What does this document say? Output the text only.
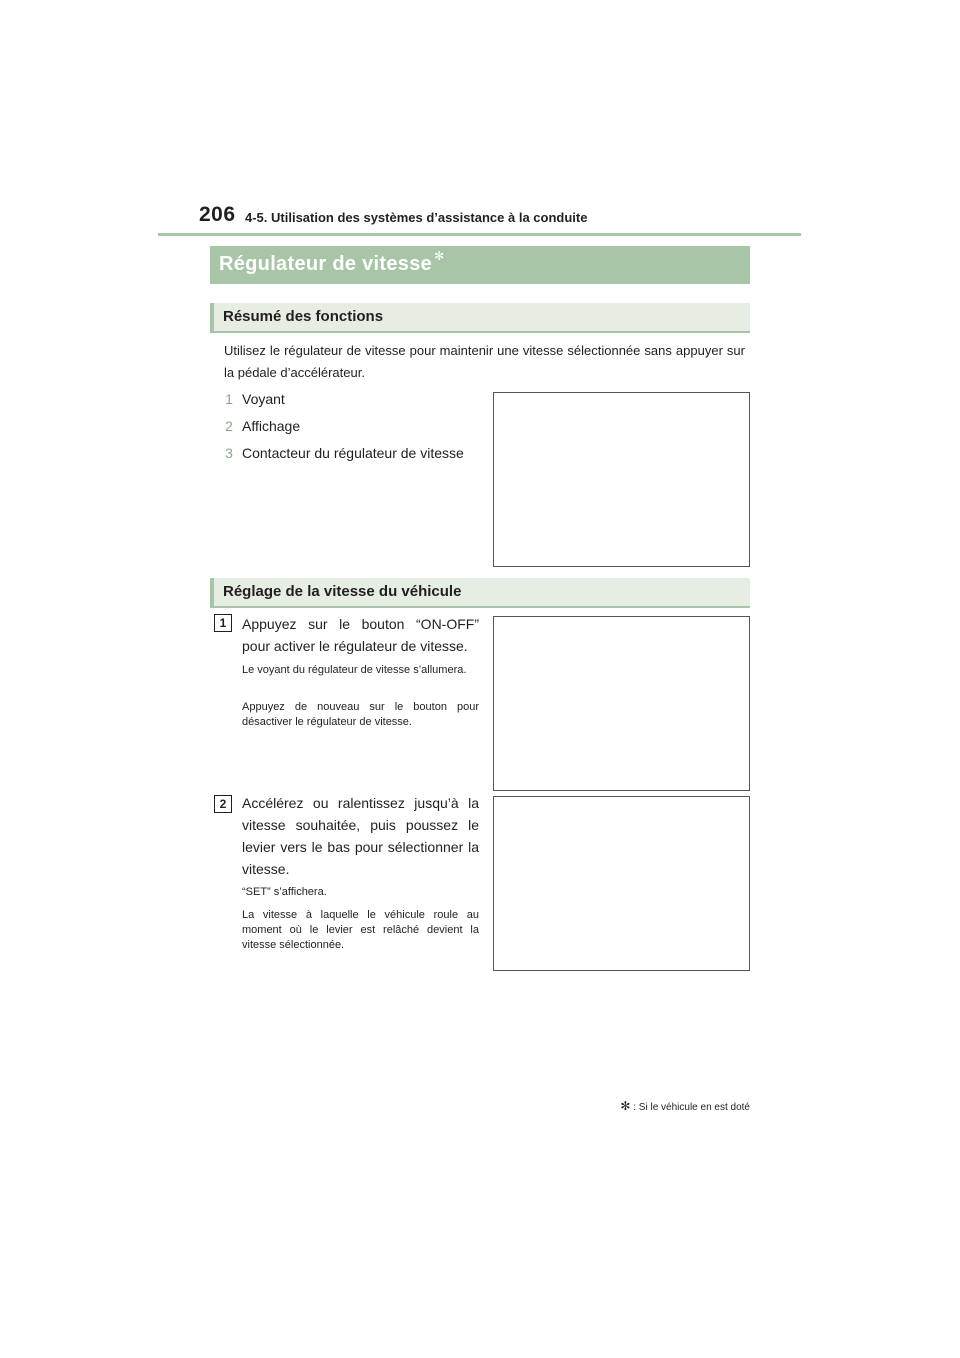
206 4-5. Utilisation des systèmes d’assistance à la conduite
Régulateur de vitesse ✻
Résumé des fonctions
Utilisez le régulateur de vitesse pour maintenir une vitesse sélectionnée sans appuyer sur la pédale d’accélérateur.
1 Voyant
2 Affichage
3 Contacteur du régulateur de vitesse
Réglage de la vitesse du véhicule
1	Appuyez sur le bouton “ON-OFF” pour activer le régulateur de vitesse.
Le voyant du régulateur de vitesse s’allumera.
Appuyez de nouveau sur le bouton pour désactiver le régulateur de vitesse.
2	Accélérez ou ralentissez jusqu’à la vitesse souhaitée, puis poussez le levier vers le bas pour sélectionner la vitesse.
“SET” s’affichera.
La vitesse à laquelle le véhicule roule au moment où le levier est relâché devient la vitesse sélectionnée.
✻ : Si le véhicule en est doté
